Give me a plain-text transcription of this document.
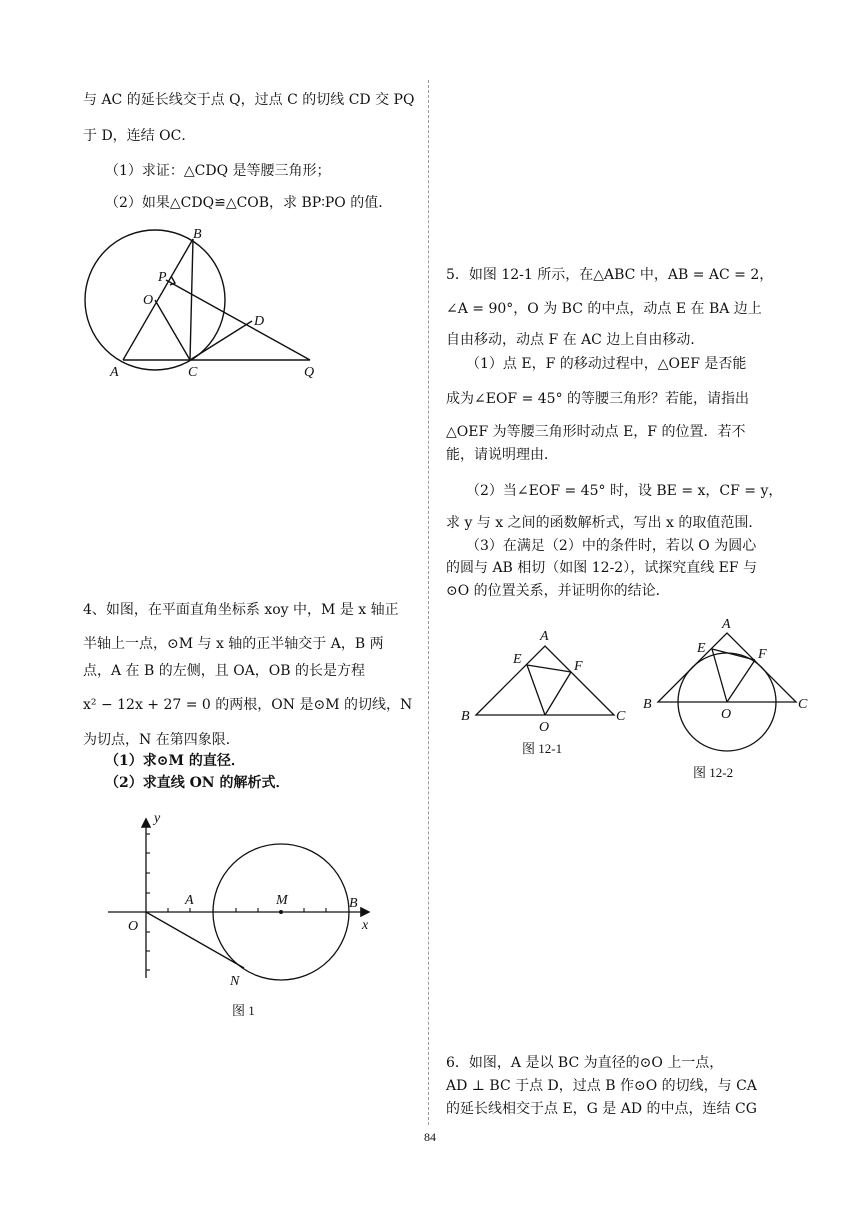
与 AC 的延长线交于点 Q，过点 C 的切线 CD 交 PQ
于 D，连结 OC．
（1）求证：△CDQ 是等腰三角形；
（2）如果△CDQ≌△COB，求 BP∶PO 的值．
B
P
O
D
A	C	Q
4、如图，在平面直角坐标系 xoy 中，M 是 x 轴正
半轴上一点，⊙M 与 x 轴的正半轴交于 A，B 两
点，A 在 B 的左侧，且 OA，OB 的长是方程
x² − 12x + 27 = 0 的两根，ON 是⊙M 的切线，N
为切点，N 在第四象限．
（1）求⊙M 的直径．
（2）求直线 ON 的解析式．
y
x
O
A	M	B
N
图 1
5．如图 12-1 所示，在△ABC 中，AB = AC = 2，
∠A = 90°，O 为 BC 的中点，动点 E 在 BA 边上
自由移动，动点 F 在 AC 边上自由移动．
（1）点 E，F 的移动过程中，△OEF 是否能
成为∠EOF = 45° 的等腰三角形？若能，请指出
△OEF 为等腰三角形时动点 E，F 的位置．若不
能，请说明理由．
（2）当∠EOF = 45° 时，设 BE = x，CF = y，
求 y 与 x 之间的函数解析式，写出 x 的取值范围．
（3）在满足（2）中的条件时，若以 O 为圆心
的圆与 AB 相切（如图 12-2），试探究直线 EF 与
⊙O 的位置关系，并证明你的结论．
A
E	F
B
O
C
图 12-1
A
E	F
B
O
C
图 12-2
6．如图，A 是以 BC 为直径的⊙O 上一点，
AD ⊥ BC 于点 D，过点 B 作⊙O 的切线，与 CA
的延长线相交于点 E，G 是 AD 的中点，连结 CG
84
